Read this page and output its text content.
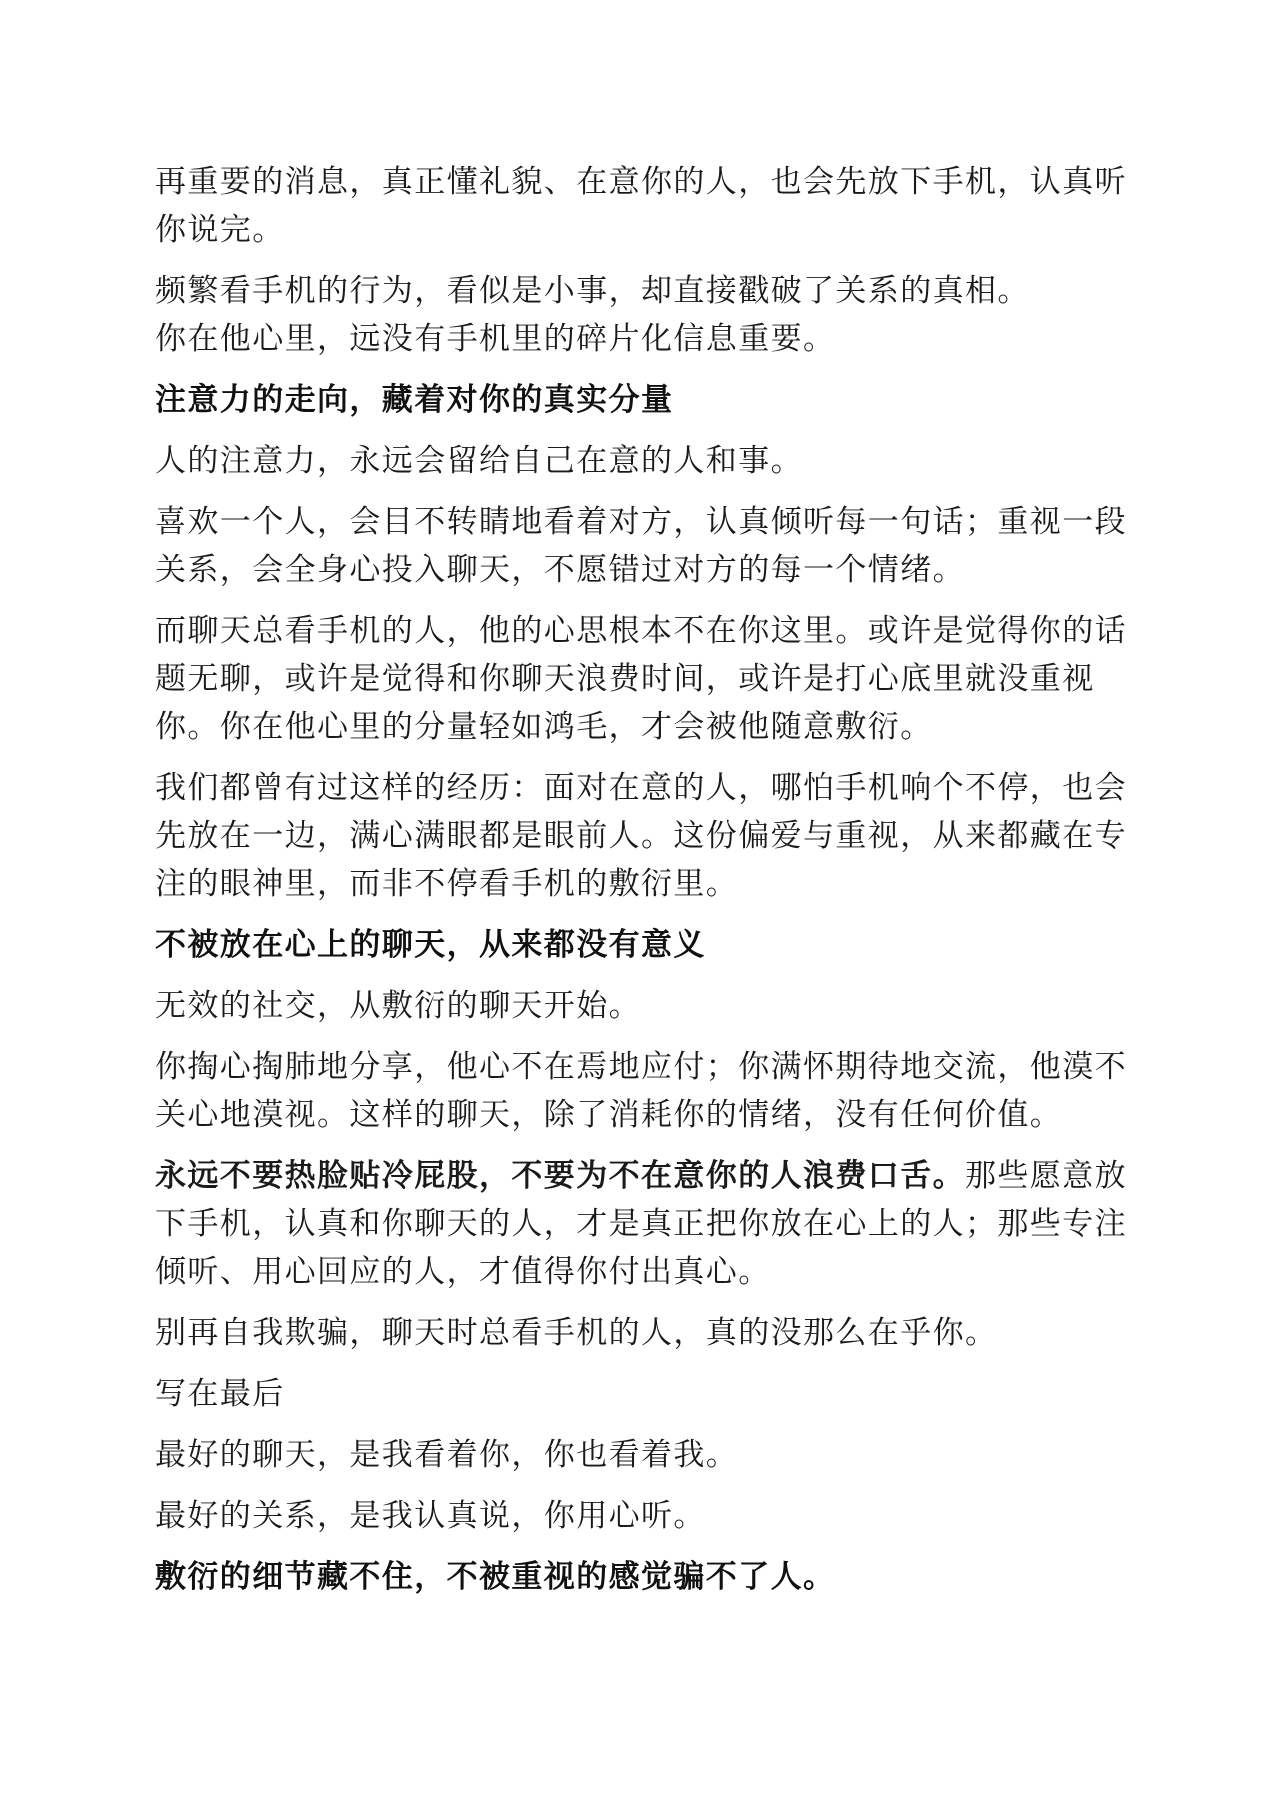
再重要的消息，真正懂礼貌、在意你的人，也会先放下手机，认真听你说完。

频繁看手机的行为，看似是小事，却直接戳破了关系的真相。
你在他心里，远没有手机里的碎片化信息重要。

注意力的走向，藏着对你的真实分量

人的注意力，永远会留给自己在意的人和事。

喜欢一个人，会目不转睛地看着对方，认真倾听每一句话；重视一段关系，会全身心投入聊天，不愿错过对方的每一个情绪。

而聊天总看手机的人，他的心思根本不在你这里。或许是觉得你的话题无聊，或许是觉得和你聊天浪费时间，或许是打心底里就没重视你。你在他心里的分量轻如鸿毛，才会被他随意敷衍。

我们都曾有过这样的经历：面对在意的人，哪怕手机响个不停，也会先放在一边，满心满眼都是眼前人。这份偏爱与重视，从来都藏在专注的眼神里，而非不停看手机的敷衍里。

不被放在心上的聊天，从来都没有意义

无效的社交，从敷衍的聊天开始。

你掏心掏肺地分享，他心不在焉地应付；你满怀期待地交流，他漠不关心地漠视。这样的聊天，除了消耗你的情绪，没有任何价值。

永远不要热脸贴冷屁股，不要为不在意你的人浪费口舌。那些愿意放下手机，认真和你聊天的人，才是真正把你放在心上的人；那些专注倾听、用心回应的人，才值得你付出真心。

别再自我欺骗，聊天时总看手机的人，真的没那么在乎你。

写在最后

最好的聊天，是我看着你，你也看着我。

最好的关系，是我认真说，你用心听。

敷衍的细节藏不住，不被重视的感觉骗不了人。
